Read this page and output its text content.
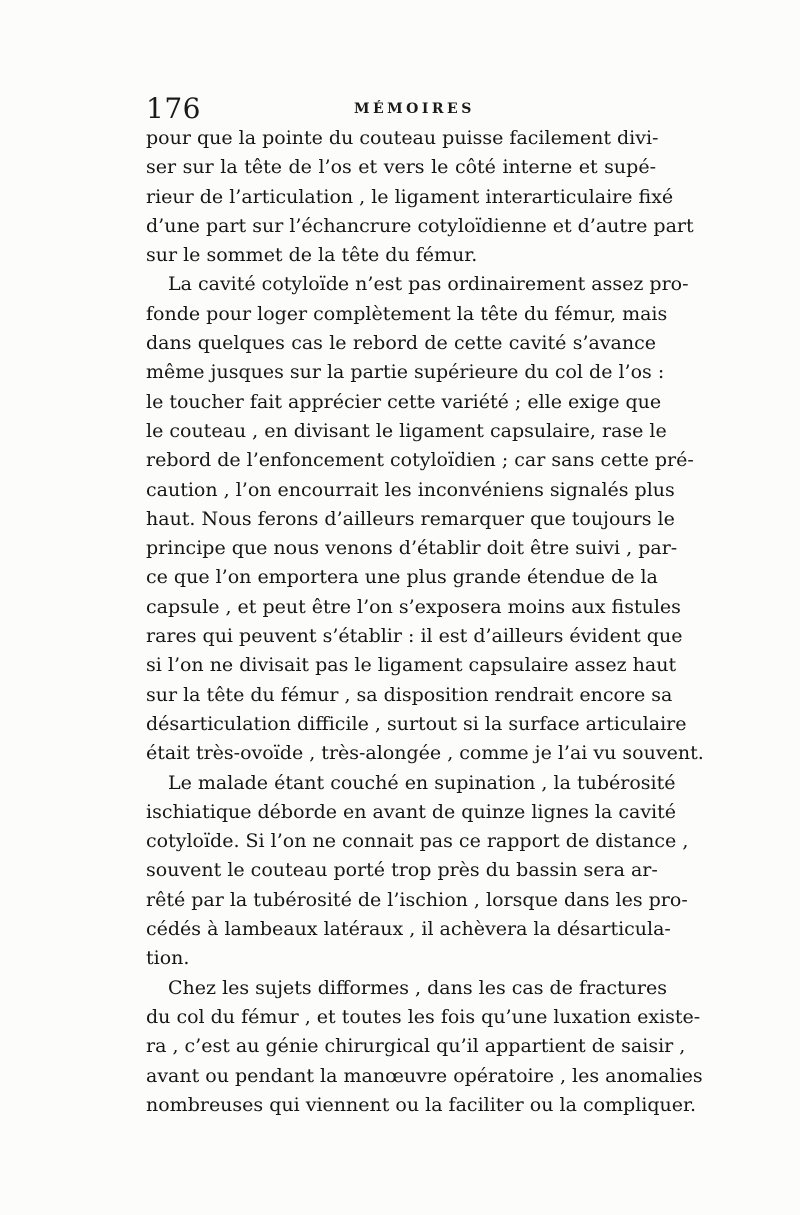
176	MÉMOIRES
pour que la pointe du couteau puisse facilement divi-
ser sur la tête de l’os et vers le côté interne et supé-
rieur de l’articulation , le ligament interarticulaire fixé
d’une part sur l’échancrure cotyloïdienne et d’autre part
sur le sommet de la tête du fémur.
La cavité cotyloïde n’est pas ordinairement assez pro-
fonde pour loger complètement la tête du fémur, mais
dans quelques cas le rebord de cette cavité s’avance
même jusques sur la partie supérieure du col de l’os :
le toucher fait apprécier cette variété ; elle exige que
le couteau , en divisant le ligament capsulaire, rase le
rebord de l’enfoncement cotyloïdien ; car sans cette pré-
caution , l’on encourrait les inconvéniens signalés plus
haut. Nous ferons d’ailleurs remarquer que toujours le
principe que nous venons d’établir doit être suivi , par-
ce que l’on emportera une plus grande étendue de la
capsule , et peut être l’on s’exposera moins aux fistules
rares qui peuvent s’établir : il est d’ailleurs évident que
si l’on ne divisait pas le ligament capsulaire assez haut
sur la tête du fémur , sa disposition rendrait encore sa
désarticulation difficile , surtout si la surface articulaire
était très-ovoïde , très-alongée , comme je l’ai vu souvent.
Le malade étant couché en supination , la tubérosité
ischiatique déborde en avant de quinze lignes la cavité
cotyloïde. Si l’on ne connait pas ce rapport de distance ,
souvent le couteau porté trop près du bassin sera ar-
rêté par la tubérosité de l’ischion , lorsque dans les pro-
cédés à lambeaux latéraux , il achèvera la désarticula-
tion.
Chez les sujets difformes , dans les cas de fractures
du col du fémur , et toutes les fois qu’une luxation existe-
ra , c’est au génie chirurgical qu’il appartient de saisir ,
avant ou pendant la manœuvre opératoire , les anomalies
nombreuses qui viennent ou la faciliter ou la compliquer.
